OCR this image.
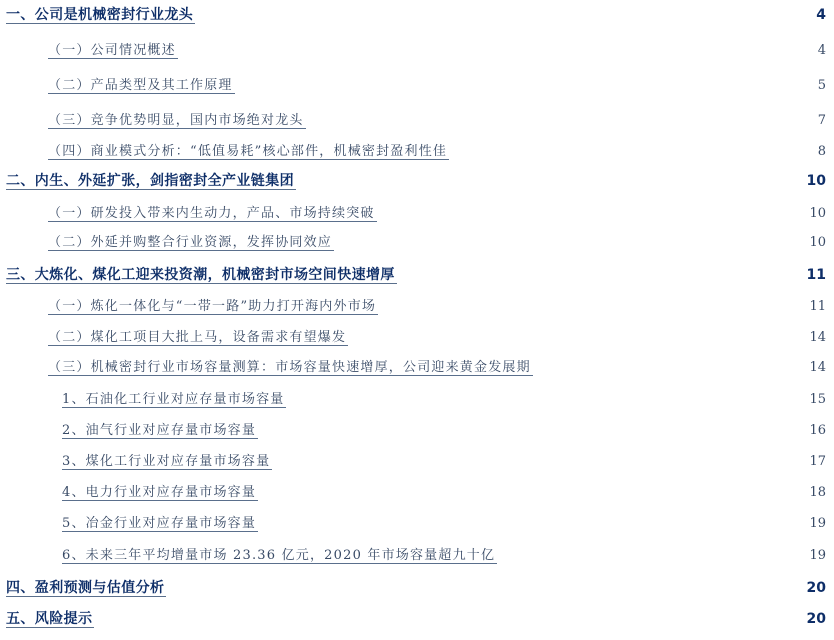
一、公司是机械密封行业龙头	4
（一）公司情况概述	4
（二）产品类型及其工作原理	5
（三）竞争优势明显，国内市场绝对龙头	7
（四）商业模式分析：“低值易耗”核心部件，机械密封盈利性佳	8
二、内生、外延扩张，剑指密封全产业链集团	10
（一）研发投入带来内生动力，产品、市场持续突破	10
（二）外延并购整合行业资源，发挥协同效应	10
三、大炼化、煤化工迎来投资潮，机械密封市场空间快速增厚	11
（一）炼化一体化与“一带一路”助力打开海内外市场	11
（二）煤化工项目大批上马，设备需求有望爆发	14
（三）机械密封行业市场容量测算：市场容量快速增厚，公司迎来黄金发展期	14
1、石油化工行业对应存量市场容量	15
2、油气行业对应存量市场容量	16
3、煤化工行业对应存量市场容量	17
4、电力行业对应存量市场容量	18
5、冶金行业对应存量市场容量	19
6、未来三年平均增量市场 23.36 亿元，2020 年市场容量超九十亿	19
四、盈利预测与估值分析	20
五、风险提示	20
